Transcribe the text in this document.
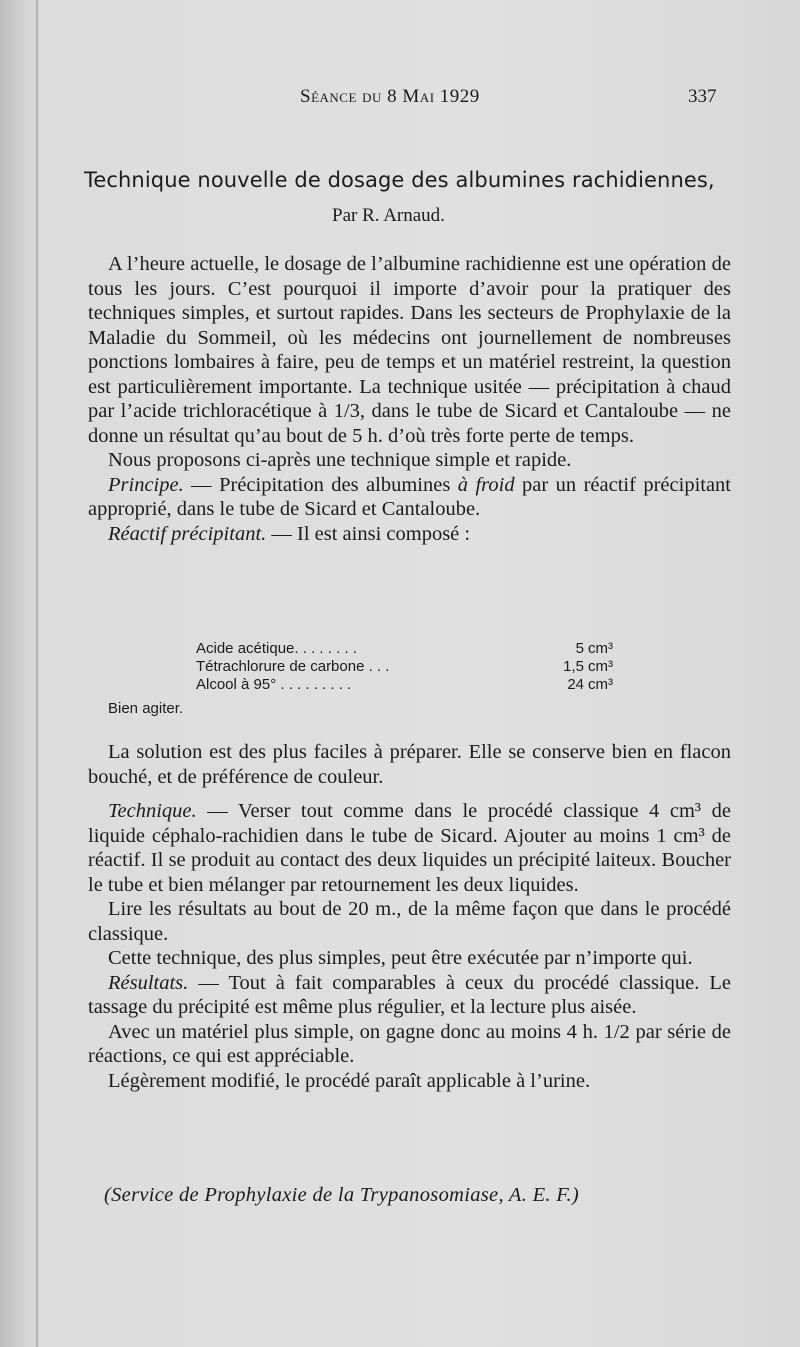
Séance du 8 Mai 1929	337
Technique nouvelle de dosage des albumines rachidiennes,
Par R. Arnaud.

A l’heure actuelle, le dosage de l’albumine rachidienne est une opération de tous les jours. C’est pourquoi il importe d’avoir pour la pratiquer des techniques simples, et surtout rapides. Dans les secteurs de Prophylaxie de la Maladie du Sommeil, où les médecins ont journellement de nombreuses ponctions lombaires à faire, peu de temps et un matériel restreint, la question est particulièrement importante. La technique usitée — précipitation à chaud par l’acide trichloracétique à 1/3, dans le tube de Sicard et Cantaloube — ne donne un résultat qu’au bout de 5 h. d’où très forte perte de temps.

Nous proposons ci-après une technique simple et rapide.

Principe. — Précipitation des albumines à froid par un réactif précipitant approprié, dans le tube de Sicard et Cantaloube.

Réactif précipitant. — Il est ainsi composé :

Acide acétique. . . . . . . .	5 cm³
Tétrachlorure de carbone . . .	1,5 cm³
Alcool à 95° . . . . . . . . .	24 cm³
Bien agiter.

La solution est des plus faciles à préparer. Elle se conserve bien en flacon bouché, et de préférence de couleur.

Technique. — Verser tout comme dans le procédé classique 4 cm³ de liquide céphalo-rachidien dans le tube de Sicard. Ajouter au moins 1 cm³ de réactif. Il se produit au contact des deux liquides un précipité laiteux. Boucher le tube et bien mélanger par retournement les deux liquides.

Lire les résultats au bout de 20 m., de la même façon que dans le procédé classique.

Cette technique, des plus simples, peut être exécutée par n’importe qui.

Résultats. — Tout à fait comparables à ceux du procédé classique. Le tassage du précipité est même plus régulier, et la lecture plus aisée.

Avec un matériel plus simple, on gagne donc au moins 4 h. 1/2 par série de réactions, ce qui est appréciable.

Légèrement modifié, le procédé paraît applicable à l’urine.

(Service de Prophylaxie de la Trypanosomiase, A. E. F.)
